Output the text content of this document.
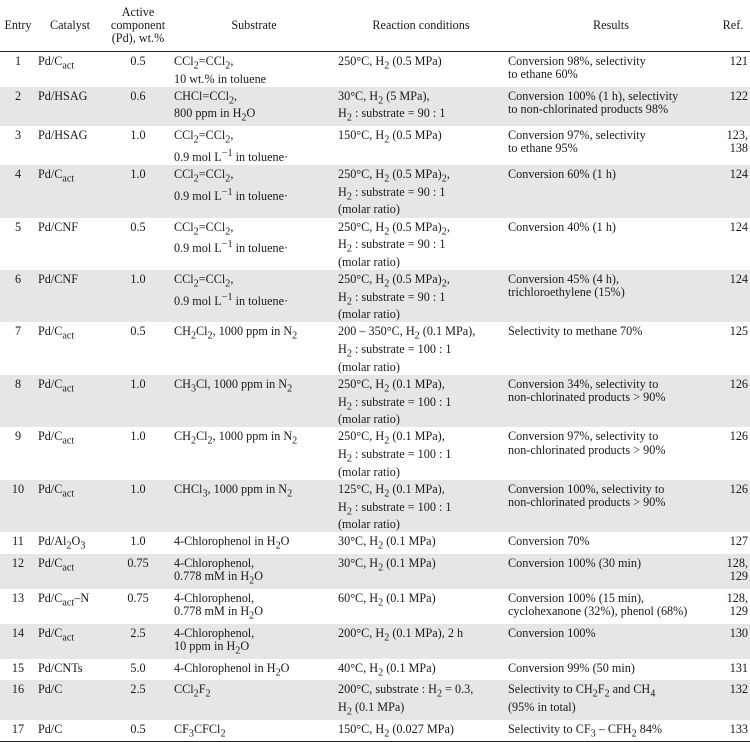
Entry	Catalyst	Active
component
(Pd), wt.%	Substrate	Reaction conditions	Results	Ref.

1	$Pd/C_{act}$	0.5	CCl$_2$=CCl$_2$,
10 wt.% in toluene	250°C, $H_2$ (0.5 MPa)	Conversion 98%, selectivity
to ethane 60%	121

2	Pd/HSAG	0.6	CHCl=CCl$_2$,
800 ppm in $H_2O$	30°C, $H_2$ (5 MPa),
$H_2$ : substrate = 90 : 1	Conversion 100% (1 h), selectivity
to non-chlorinated products 98%	122

3	Pd/HSAG	1.0	CCl$_2$=CCl$_2$,
0.9 mol $L^{-1}$ in toluene·	150°C, $H_2$ (0.5 MPa)	Conversion 97%, selectivity
to ethane 95%	123,
138

4	$Pd/C_{act}$	1.0	CCl$_2$=CCl$_2$,
0.9 mol $L^{-1}$ in toluene·	250°C, $H_2$ (0.5 $MPa)_2$,
$H_2$ : substrate = 90 : 1
(molar ratio)	Conversion 60% (1 h)	124

5	Pd/CNF	0.5	CCl$_2$=CCl$_2$,
0.9 mol $L^{-1}$ in toluene·	250°C, $H_2$ (0.5 $MPa)_2$,
$H_2$ : substrate = 90 : 1
(molar ratio)	Conversion 40% (1 h)	124

6	Pd/CNF	1.0	CCl$_2$=CCl$_2$,
0.9 mol $L^{-1}$ in toluene·	250°C, $H_2$ (0.5 $MPa)_2$,
$H_2$ : substrate = 90 : 1
(molar ratio)	Conversion 45% (4 h),
trichloroethylene (15%)	124

7	$Pd/C_{act}$	0.5	$CH_2Cl_2$, 1000 ppm in $N_2$	200 – 350°C, $H_2$ (0.1 MPa),
$H_2$ : substrate = 100 : 1
(molar ratio)	Selectivity to methane 70%	125

8	$Pd/C_{act}$	1.0	$CH_3Cl$, 1000 ppm in $N_2$	250°C, $H_2$ (0.1 MPa),
$H_2$ : substrate = 100 : 1
(molar ratio)	Conversion 34%, selectivity to
non-chlorinated products > 90%	126

9	$Pd/C_{act}$	1.0	$CH_2Cl_2$, 1000 ppm in $N_2$	250°C, $H_2$ (0.1 MPa),
$H_2$ : substrate = 100 : 1
(molar ratio)	Conversion 97%, selectivity to
non-chlorinated products > 90%	126

10	$Pd/C_{act}$	1.0	CHCl$_3$, 1000 ppm in $N_2$	125°C, $H_2$ (0.1 MPa),
$H_2$ : substrate = 100 : 1
(molar ratio)	Conversion 100%, selectivity to
non-chlorinated products > 90%	126

11	$Pd/Al_2O_3$	1.0	4-Chlorophenol in $H_2O$	30°C, $H_2$ (0.1 MPa)	Conversion 70%	127

12	$Pd/C_{act}$	0.75	4-Chlorophenol,
0.778 mM in $H_2O$	30°C, $H_2$ (0.1 MPa)	Conversion 100% (30 min)	128,
129

13	$Pd/C_{act}-N$	0.75	4-Chlorophenol,
0.778 mM in $H_2O$	60°C, $H_2$ (0.1 MPa)	Conversion 100% (15 min),
cyclohexanone (32%), phenol (68%)	128,
129

14	$Pd/C_{act}$	2.5	4-Chlorophenol,
10 ppm in $H_2O$	200°C, $H_2$ (0.1 MPa), 2 h	Conversion 100%	130

15	Pd/CNTs	5.0	4-Chlorophenol in $H_2O$	40°C, $H_2$ (0.1 MPa)	Conversion 99% (50 min)	131

16	Pd/C	2.5	$CCl_2F_2$	200°C, substrate : $H_2 = 0.3$,
$H_2$ (0.1 MPa)	Selectivity to $CH_2F_2$ and $CH_4$
(95% in total)	132

17	Pd/C	0.5	$CF_3CFCl_2$	150°C, $H_2$ (0.027 MPa)	Selectivity to $CF_3 - CFH_2$ 84%	133
